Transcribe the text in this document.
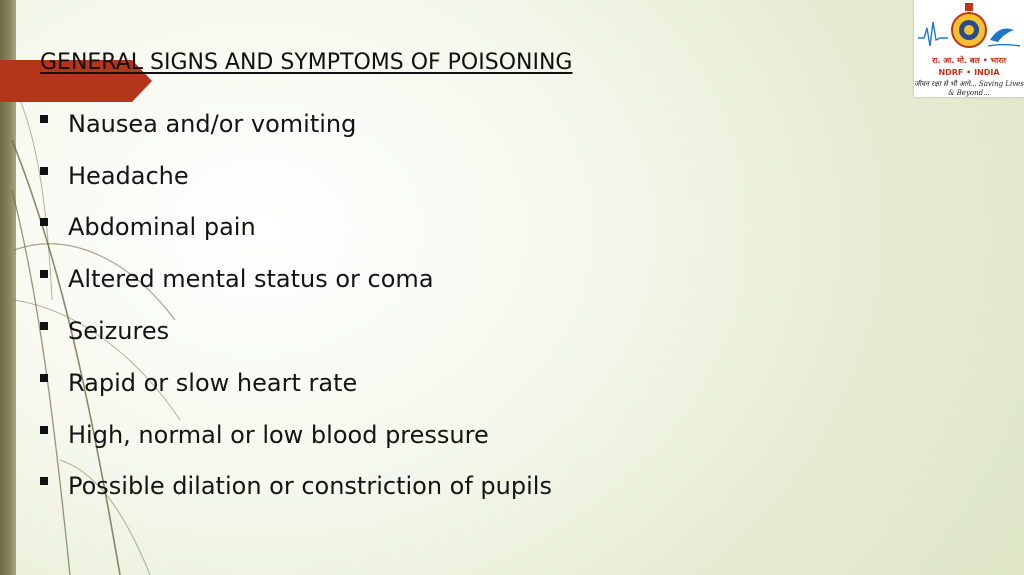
GENERAL SIGNS AND SYMPTOMS OF POISONING
Nausea and/or vomiting
Headache
Abdominal pain
Altered mental status or coma
Seizures
Rapid or slow heart rate
High, normal or low blood pressure
Possible dilation or constriction of pupils
रा. आ. मो. बल • भारत
NDRF • INDIA
जीवन रक्षा से भी आगे... Saving Lives & Beyond...
